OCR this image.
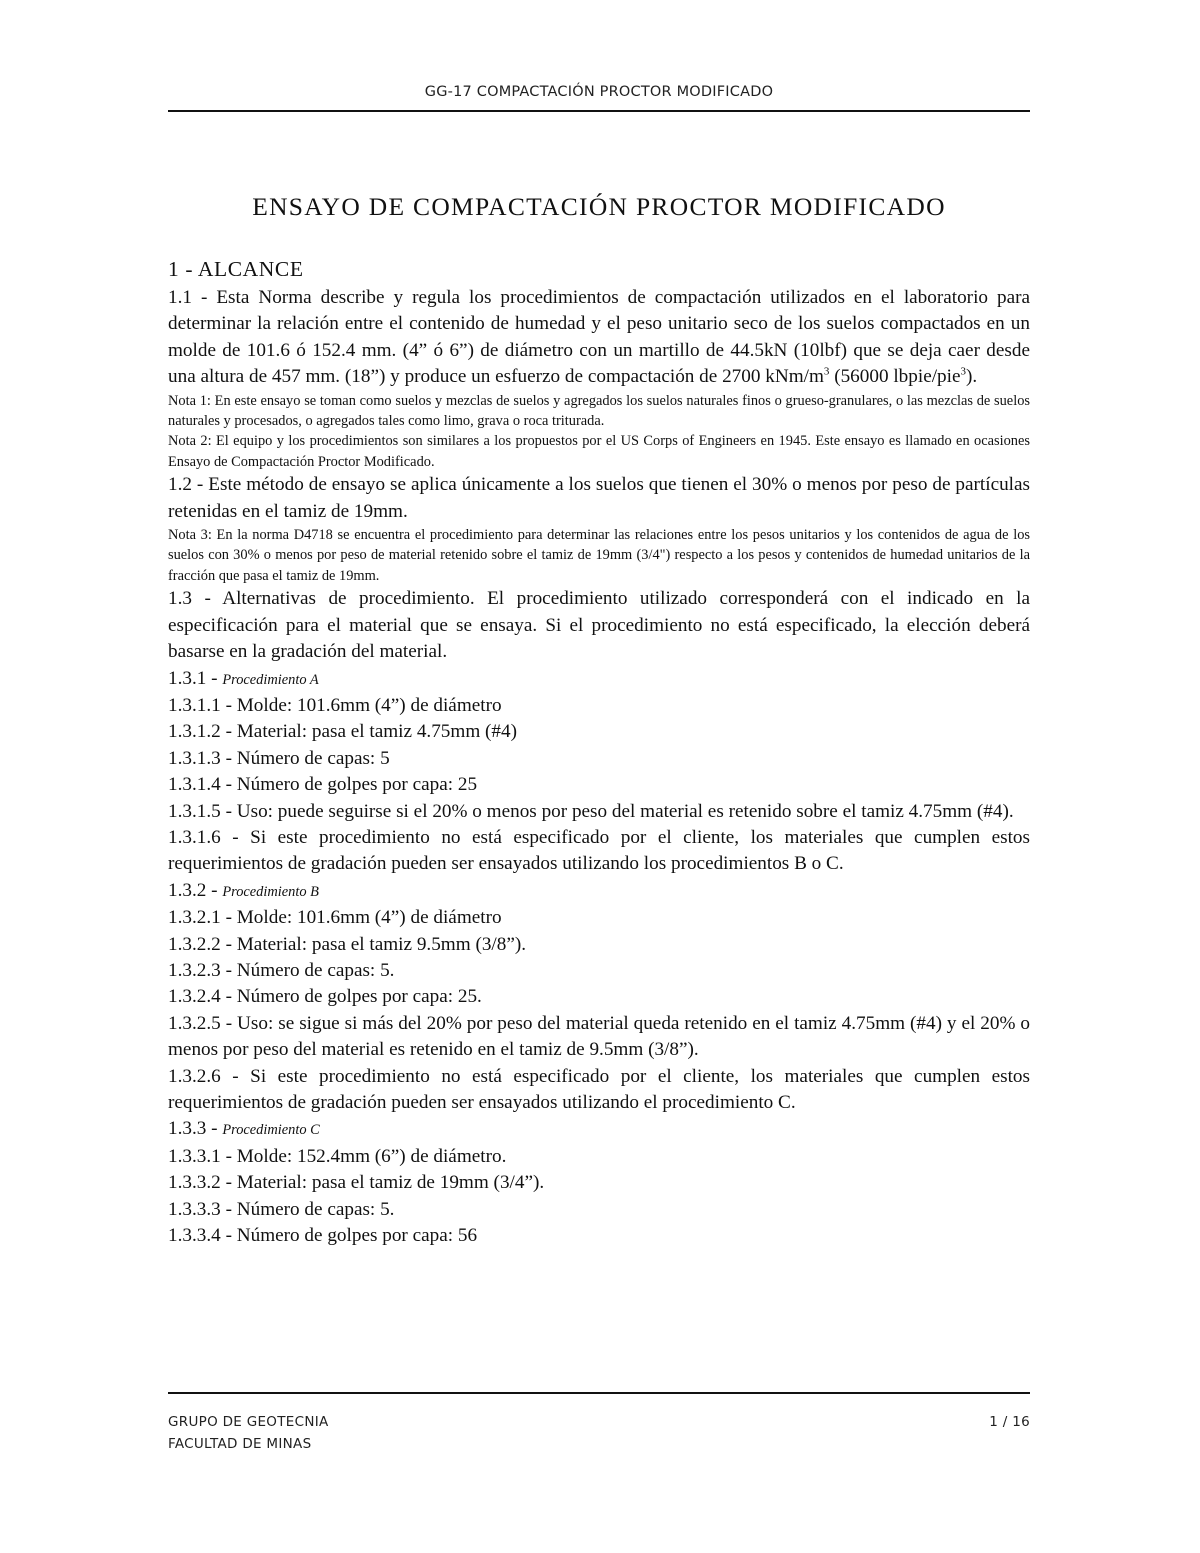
GG-17 COMPACTACIÓN PROCTOR MODIFICADO
ENSAYO DE COMPACTACIÓN PROCTOR MODIFICADO

1 - ALCANCE

1.1 - Esta Norma describe y regula los procedimientos de compactación utilizados en el laboratorio para determinar la relación entre el contenido de humedad y el peso unitario seco de los suelos compactados en un molde de 101.6 ó 152.4 mm. (4” ó 6”) de diámetro con un martillo de 44.5kN (10lbf) que se deja caer desde una altura de 457 mm. (18”) y produce un esfuerzo de compactación de 2700 kNm/$m^3$ (56000 lbpie/pie$^3$).

Nota 1: En este ensayo se toman como suelos y mezclas de suelos y agregados los suelos naturales finos o grueso-granulares, o las mezclas de suelos naturales y procesados, o agregados tales como limo, grava o roca triturada.

Nota 2: El equipo y los procedimientos son similares a los propuestos por el US Corps of Engineers en 1945. Este ensayo es llamado en ocasiones Ensayo de Compactación Proctor Modificado.

1.2 - Este método de ensayo se aplica únicamente a los suelos que tienen el 30% o menos por peso de partículas retenidas en el tamiz de 19mm.

Nota 3: En la norma D4718 se encuentra el procedimiento para determinar las relaciones entre los pesos unitarios y los contenidos de agua de los suelos con 30% o menos por peso de material retenido sobre el tamiz de 19mm (3/4") respecto a los pesos y contenidos de humedad unitarios de la fracción que pasa el tamiz de 19mm.

1.3 - Alternativas de procedimiento. El procedimiento utilizado corresponderá con el indicado en la especificación para el material que se ensaya. Si el procedimiento no está especificado, la elección deberá basarse en la gradación del material.

1.3.1 - Procedimiento A

1.3.1.1 - Molde: 101.6mm (4”) de diámetro

1.3.1.2 - Material: pasa el tamiz 4.75mm (#4)

1.3.1.3 - Número de capas: 5

1.3.1.4 - Número de golpes por capa: 25

1.3.1.5 - Uso: puede seguirse si el 20% o menos por peso del material es retenido sobre el tamiz 4.75mm (#4).

1.3.1.6 - Si este procedimiento no está especificado por el cliente, los materiales que cumplen estos requerimientos de gradación pueden ser ensayados utilizando los procedimientos B o C.

1.3.2 - Procedimiento B

1.3.2.1 - Molde: 101.6mm (4”) de diámetro

1.3.2.2 - Material: pasa el tamiz 9.5mm (3/8”).

1.3.2.3 - Número de capas: 5.

1.3.2.4 - Número de golpes por capa: 25.

1.3.2.5 - Uso: se sigue si más del 20% por peso del material queda retenido en el tamiz 4.75mm (#4) y el 20% o menos por peso del material es retenido en el tamiz de 9.5mm (3/8”).

1.3.2.6 - Si este procedimiento no está especificado por el cliente, los materiales que cumplen estos requerimientos de gradación pueden ser ensayados utilizando el procedimiento C.

1.3.3 - Procedimiento C

1.3.3.1 - Molde: 152.4mm (6”) de diámetro.

1.3.3.2 - Material: pasa el tamiz de 19mm (3/4”).

1.3.3.3 - Número de capas: 5.

1.3.3.4 - Número de golpes por capa: 56

GRUPO DE GEOTECNIA
FACULTAD DE MINAS
1 / 16
